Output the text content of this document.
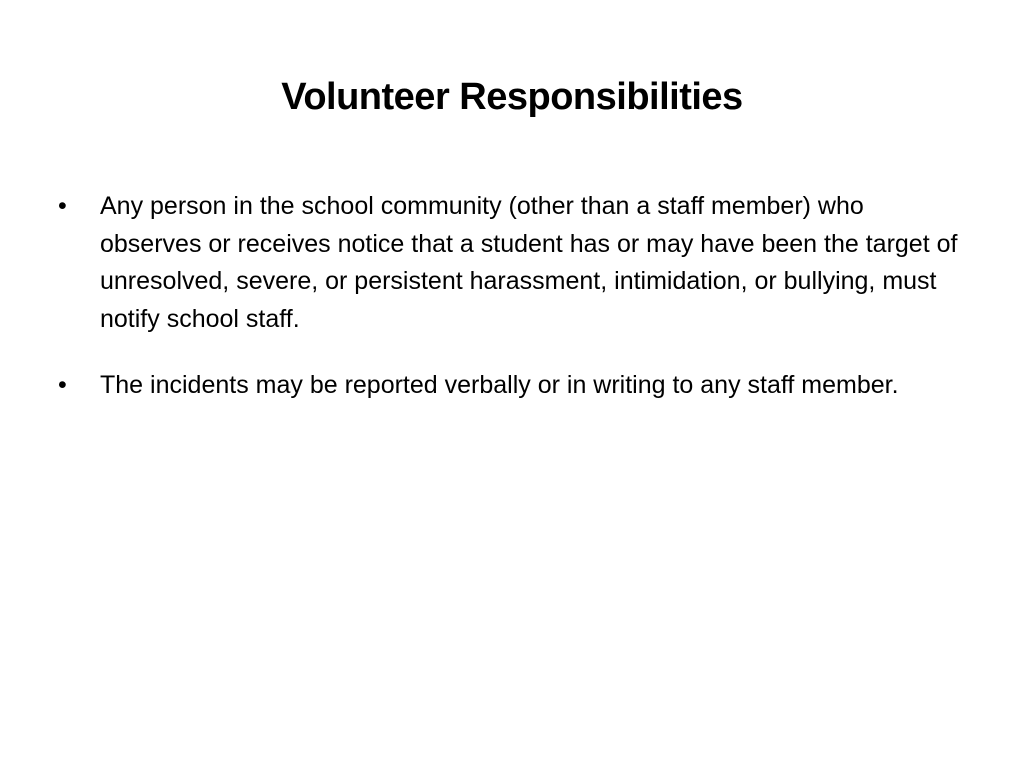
Volunteer Responsibilities
•	Any person in the school community (other than a staff member) who observes or receives notice that a student has or may have been the target of unresolved, severe, or persistent harassment, intimidation, or bullying, must notify school staff.
•	The incidents may be reported verbally or in writing to any staff member.
